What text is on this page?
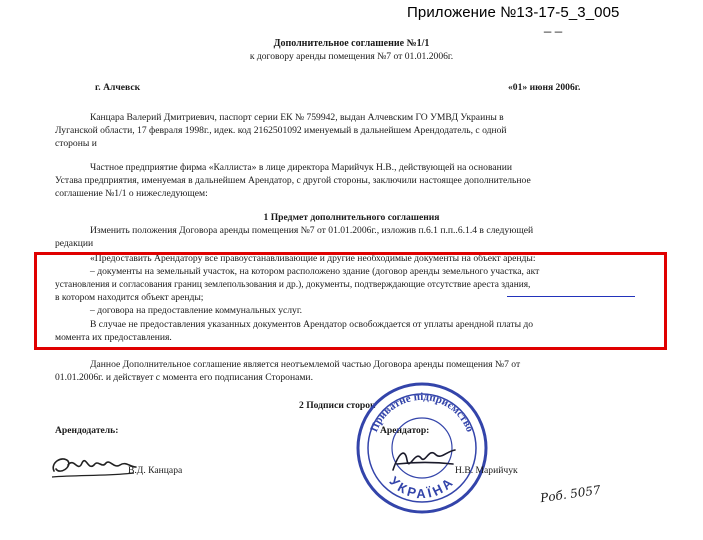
Приложение №13-17-5_3_005
_ _
Дополнительное соглашение №1/1
к договору аренды помещения №7 от 01.01.2006г.
г. Алчевск	«01» июня 2006г.
Канцара Валерий Дмитриевич, паспорт серии ЕК № 759942, выдан Алчевским ГО УМВД Украины в
Луганской области, 17 февраля 1998г., идек. код 2162501092 именуемый в дальнейшем Арендодатель, с одной
стороны и
Частное предприятие фирма «Каллиста» в лице директора Марийчук Н.В., действующей на основании
Устава предприятия, именуемая в дальнейшем Арендатор, с другой стороны, заключили настоящее дополнительное
соглашение №1/1 о нижеследующем:
1 Предмет дополнительного соглашения
Изменить положения Договора аренды помещения №7 от 01.01.2006г., изложив п.6.1 п.п..6.1.4 в следующей
редакции
«Предоставить Арендатору все правоустанавливающие и другие необходимые документы на объект аренды:
– документы на земельный участок, на котором расположено здание (договор аренды земельного участка, акт
установления и согласования границ землепользования и др.), документы, подтверждающие отсутствие ареста здания,
в котором находится объект аренды;
– договора на предоставление коммунальных услуг.
В случае не предоставления указанных документов Арендатор освобождается от уплаты арендной платы до
момента их предоставления.
Данное Дополнительное соглашение является неотъемлемой частью Договора аренды помещения №7 от
01.01.2006г. и действует с момента его подписания Сторонами.
2 Подписи сторон
Арендодатель:	Арендатор:
В.Д. Канцара
Приватне підприємство
УКРАЇНА
Н.В. Марийчук
Роб. 5057
